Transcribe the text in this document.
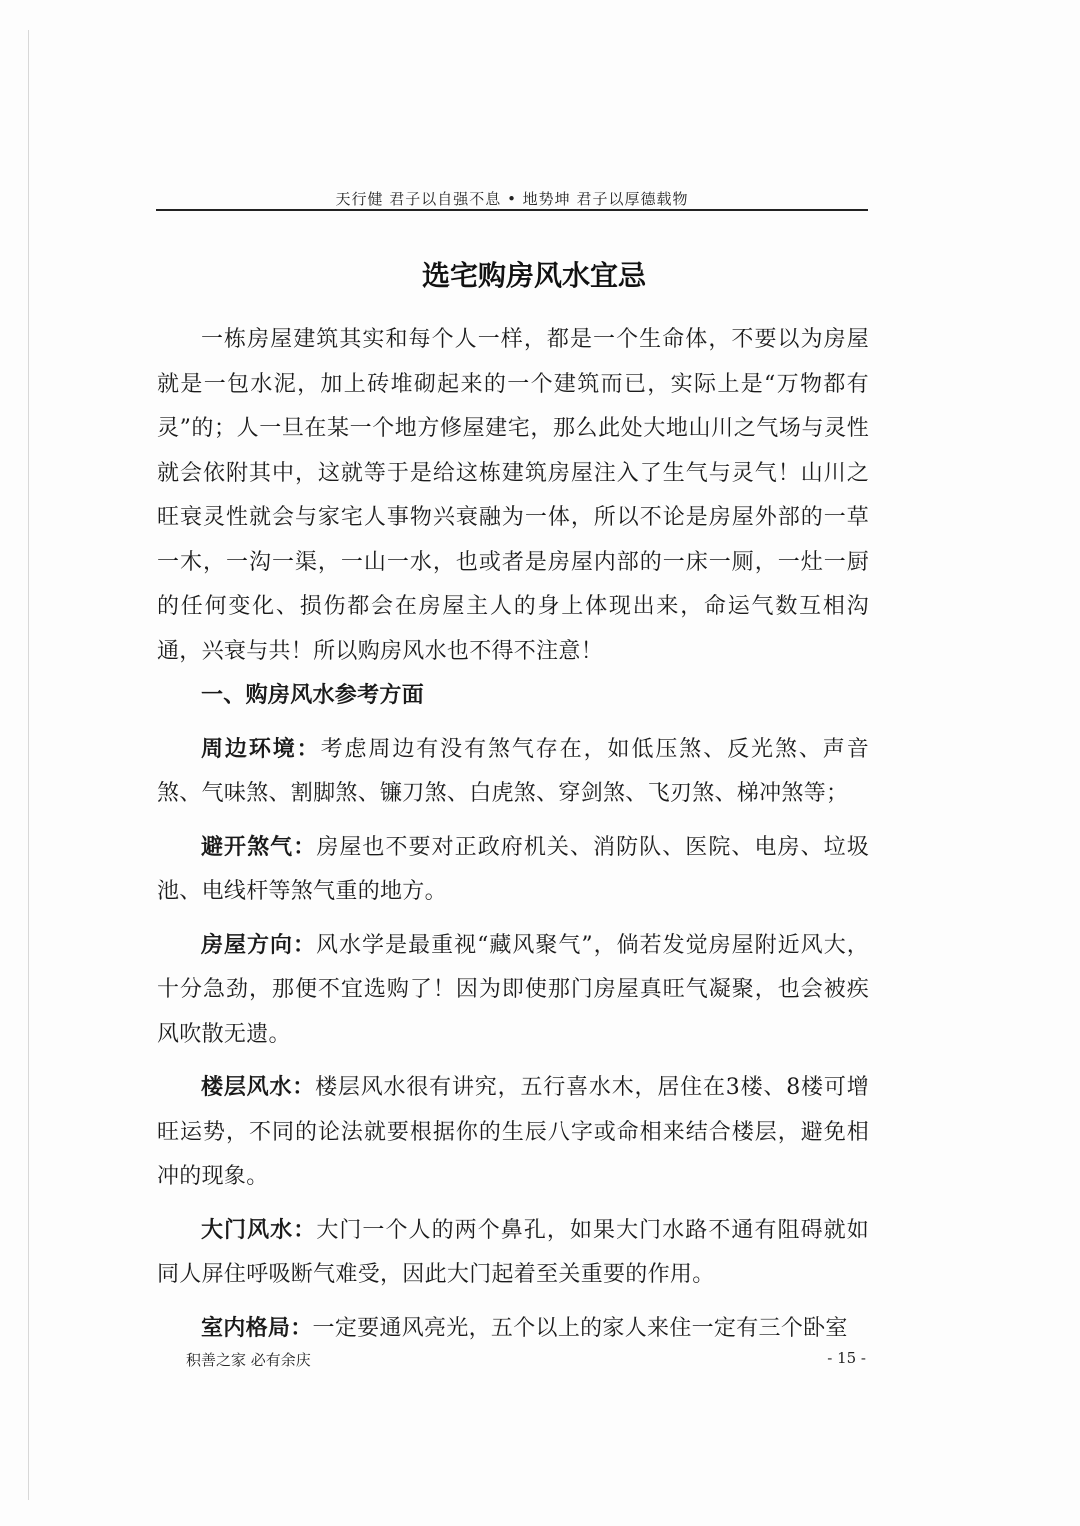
天行健 君子以自强不息 • 地势坤 君子以厚德载物
选宅购房风水宜忌

一栋房屋建筑其实和每个人一样，都是一个生命体，不要以为房屋就是一包水泥，加上砖堆砌起来的一个建筑而已，实际上是“万物都有灵”的；人一旦在某一个地方修屋建宅，那么此处大地山川之气场与灵性就会依附其中，这就等于是给这栋建筑房屋注入了生气与灵气！山川之旺衰灵性就会与家宅人事物兴衰融为一体，所以不论是房屋外部的一草一木，一沟一渠，一山一水，也或者是房屋内部的一床一厕，一灶一厨的任何变化、损伤都会在房屋主人的身上体现出来，命运气数互相沟通，兴衰与共！所以购房风水也不得不注意！

一、购房风水参考方面

周边环境：考虑周边有没有煞气存在，如低压煞、反光煞、声音煞、气味煞、割脚煞、镰刀煞、白虎煞、穿剑煞、飞刃煞、梯冲煞等；

避开煞气：房屋也不要对正政府机关、消防队、医院、电房、垃圾池、电线杆等煞气重的地方。

房屋方向：风水学是最重视“藏风聚气”，倘若发觉房屋附近风大，十分急劲，那便不宜选购了！因为即使那门房屋真旺气凝聚，也会被疾风吹散无遗。

楼层风水：楼层风水很有讲究，五行喜水木，居住在3楼、8楼可增旺运势，不同的论法就要根据你的生辰八字或命相来结合楼层，避免相冲的现象。

大门风水：大门一个人的两个鼻孔，如果大门水路不通有阻碍就如同人屏住呼吸断气难受，因此大门起着至关重要的作用。

室内格局：一定要通风亮光，五个以上的家人来住一定有三个卧室

积善之家 必有余庆	- 15 -
